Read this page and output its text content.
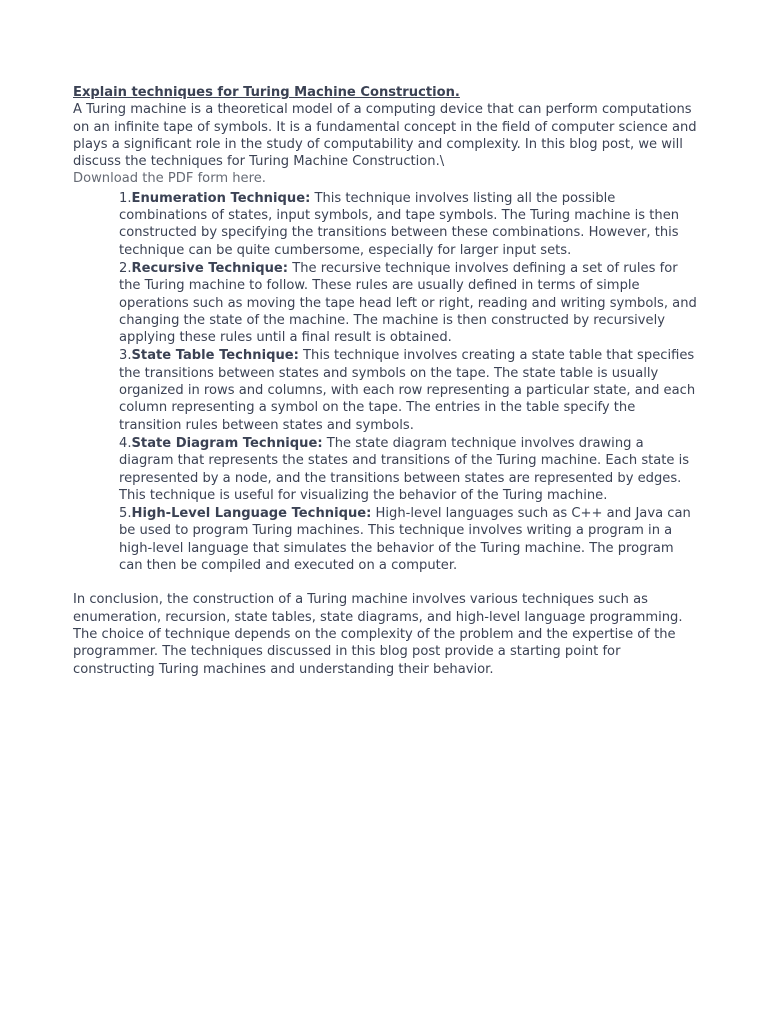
Explain techniques for Turing Machine Construction.

A Turing machine is a theoretical model of a computing device that can perform computations on an infinite tape of symbols. It is a fundamental concept in the field of computer science and plays a significant role in the study of computability and complexity. In this blog post, we will discuss the techniques for Turing Machine Construction.\

Download the PDF form here.
1.Enumeration Technique: This technique involves listing all the possible combinations of states, input symbols, and tape symbols. The Turing machine is then constructed by specifying the transitions between these combinations. However, this technique can be quite cumbersome, especially for larger input sets.
2.Recursive Technique: The recursive technique involves defining a set of rules for the Turing machine to follow. These rules are usually defined in terms of simple operations such as moving the tape head left or right, reading and writing symbols, and changing the state of the machine. The machine is then constructed by recursively applying these rules until a final result is obtained.
3.State Table Technique: This technique involves creating a state table that specifies the transitions between states and symbols on the tape. The state table is usually organized in rows and columns, with each row representing a particular state, and each column representing a symbol on the tape. The entries in the table specify the transition rules between states and symbols.
4.State Diagram Technique: The state diagram technique involves drawing a diagram that represents the states and transitions of the Turing machine. Each state is represented by a node, and the transitions between states are represented by edges. This technique is useful for visualizing the behavior of the Turing machine.
5.High-Level Language Technique: High-level languages such as C++ and Java can be used to program Turing machines. This technique involves writing a program in a high-level language that simulates the behavior of the Turing machine. The program can then be compiled and executed on a computer.

In conclusion, the construction of a Turing machine involves various techniques such as enumeration, recursion, state tables, state diagrams, and high-level language programming. The choice of technique depends on the complexity of the problem and the expertise of the programmer. The techniques discussed in this blog post provide a starting point for constructing Turing machines and understanding their behavior.
